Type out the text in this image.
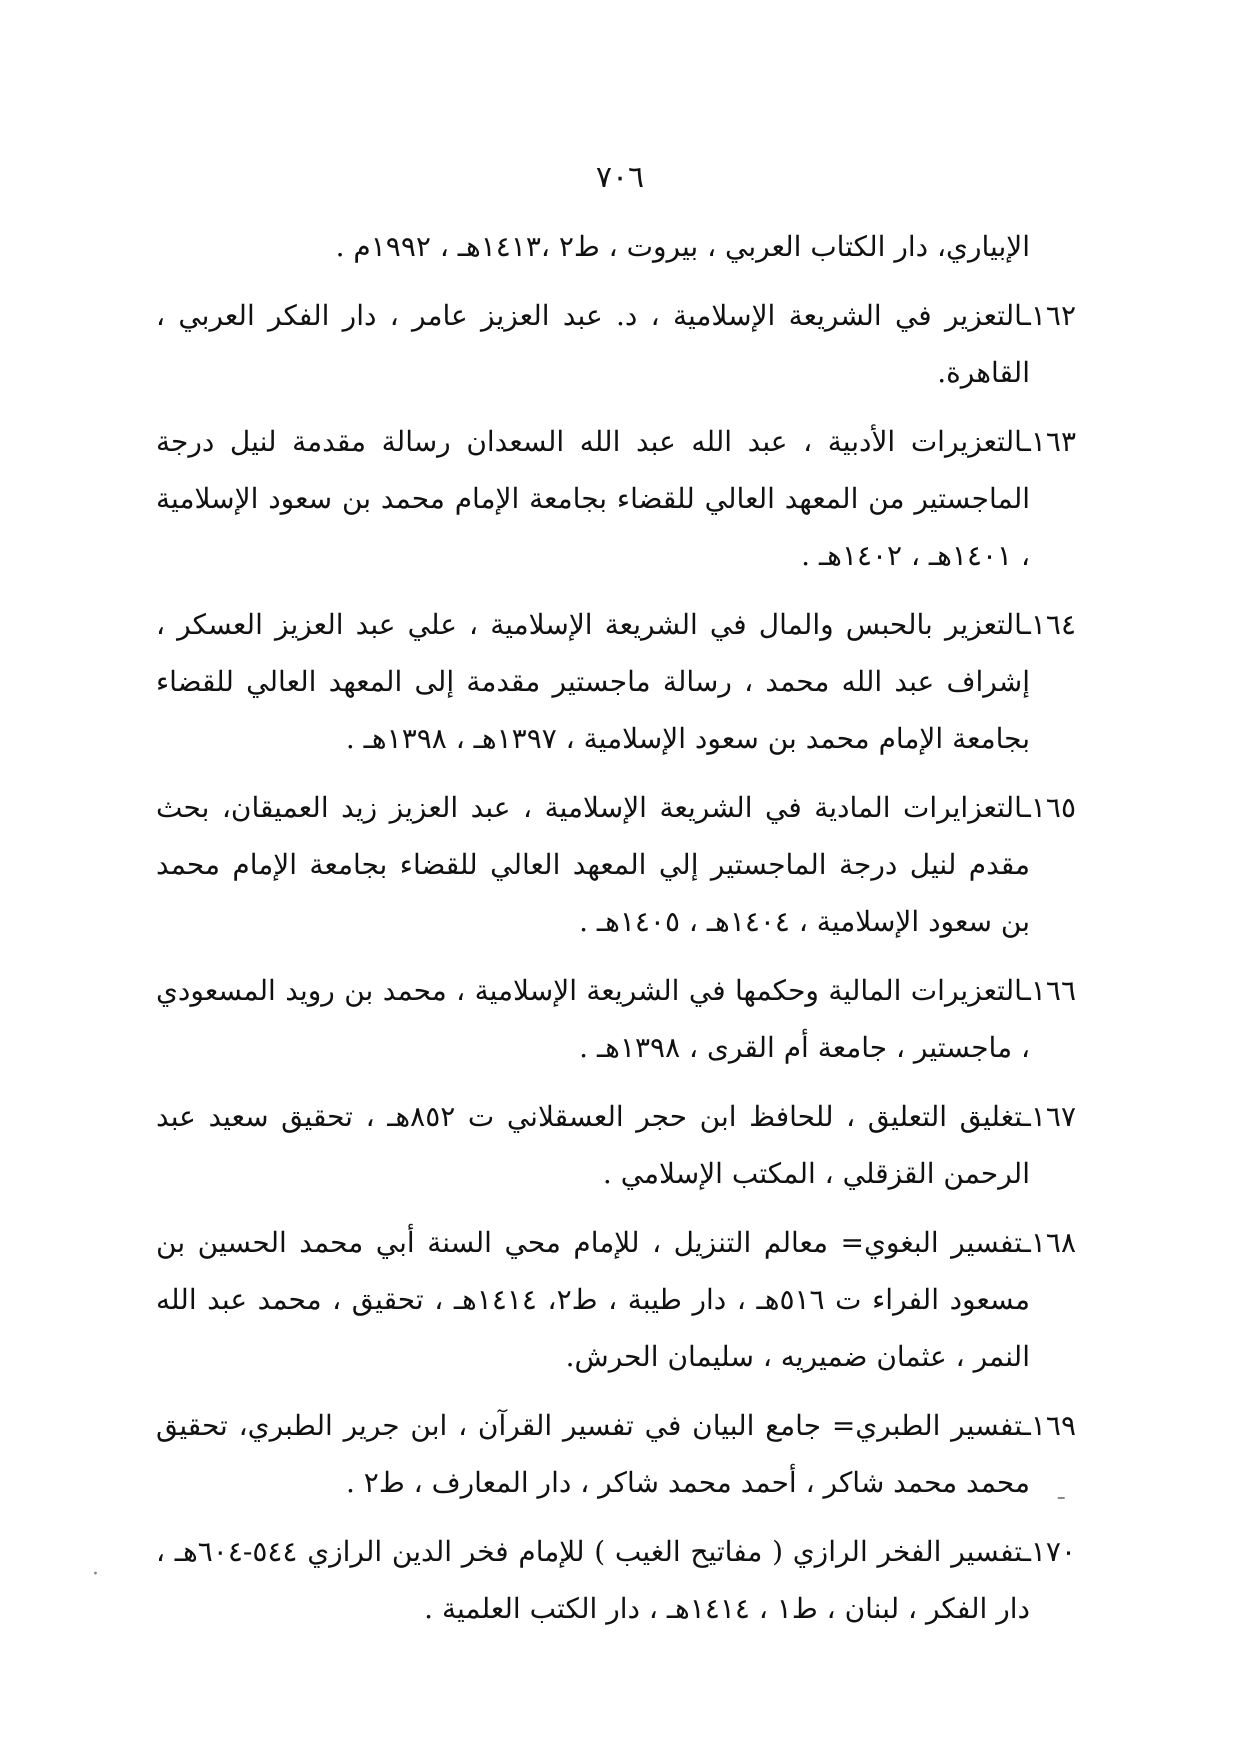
٧٠٦

الإبياري، دار الكتاب العربي ، بيروت ، ط٢ ،١٤١٣هـ ، ١٩٩٢م .

١٦٢ـالتعزير في الشريعة الإسلامية ، د. عبد العزيز عامر ، دار الفكر العربي ، القاهرة.

١٦٣ـالتعزيرات الأدبية ، عبد الله عبد الله السعدان رسالة مقدمة لنيل درجة الماجستير من المعهد العالي للقضاء بجامعة الإمام محمد بن سعود الإسلامية ، ١٤٠١هـ ، ١٤٠٢هـ .

١٦٤ـالتعزير بالحبس والمال في الشريعة الإسلامية ، علي عبد العزيز العسكر ، إشراف عبد الله محمد ، رسالة ماجستير مقدمة إلى المعهد العالي للقضاء بجامعة الإمام محمد بن سعود الإسلامية ، ١٣٩٧هـ ، ١٣٩٨هـ .

١٦٥ـالتعزايرات المادية في الشريعة الإسلامية ، عبد العزيز زيد العميقان، بحث مقدم لنيل درجة الماجستير إلي المعهد العالي للقضاء بجامعة الإمام محمد بن سعود الإسلامية ، ١٤٠٤هـ ، ١٤٠٥هـ .

١٦٦ـالتعزيرات المالية وحكمها في الشريعة الإسلامية ، محمد بن رويد المسعودي ، ماجستير ، جامعة أم القرى ، ١٣٩٨هـ .

١٦٧ـتغليق التعليق ، للحافظ ابن حجر العسقلاني ت ٨٥٢هـ ، تحقيق سعيد عبد الرحمن القزقلي ، المكتب الإسلامي .

١٦٨ـتفسير البغوي= معالم التنزيل ، للإمام محي السنة أبي محمد الحسين بن مسعود الفراء ت ٥١٦هـ ، دار طيبة ، ط٢، ١٤١٤هـ ، تحقيق ، محمد عبد الله النمر ، عثمان ضميريه ، سليمان الحرش.

١٦٩ـتفسير الطبري= جامع البيان في تفسير القرآن ، ابن جرير الطبري، تحقيق محمد محمد شاكر ، أحمد محمد شاكر ، دار المعارف ، ط٢ .

١٧٠ـتفسير الفخر الرازي ( مفاتيح الغيب ) للإمام فخر الدين الرازي ٥٤٤-٦٠٤هـ ، دار الفكر ، لبنان ، ط١ ، ١٤١٤هـ ، دار الكتب العلمية .

ـ
·
